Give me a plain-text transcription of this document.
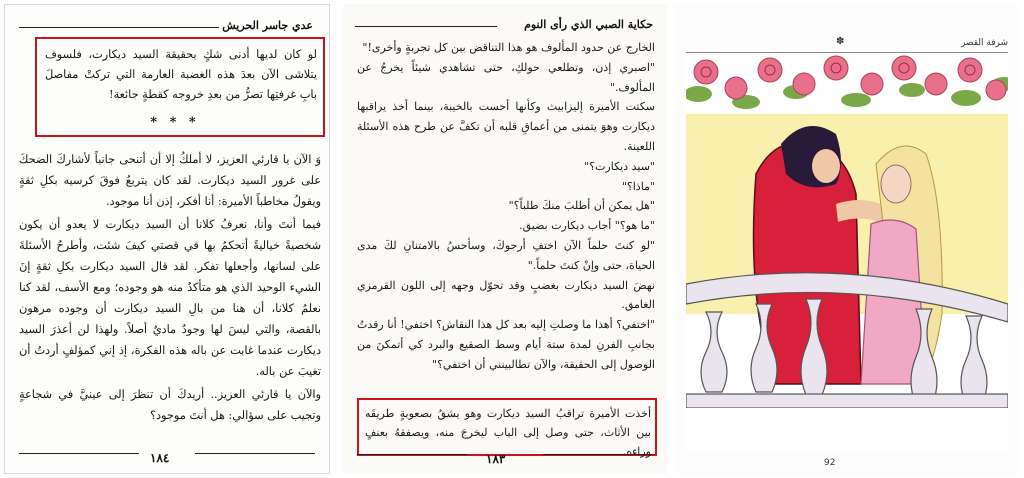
عدي جاسر الحريش
لو كان لديها أدنى شكٍ بحقيقة السيد ديكارت، فلسوف يتلاشى الآن بعدَ هذه الغضبة العارمة التي تركتْ مفاصلَ بابِ غرفتِها تصرُّ من بعدِ خروجه كقطةٍ جائعة!
* * *

وَ الآن يا قارئي العزيز، لا أملكُ إلا أن أتنحى جانباً لأشاركَ الضحكَ على غرور السيد ديكارت. لقد كان يتربعُ فوقَ كرسيه بكلِ ثقةٍ ويقولُ مخاطباً الأميرة: أنا أفكر، إذن أنا موجود.

فيما أنتَ وأنا، نعرفُ كلانا أن السيد ديكارت لا يعدو أن يكون شخصيةً خياليةً أتحكمُ بها في قصتي كيفَ شئت، وأطرحُ الأسئلةَ على لسانها، وأجعلها تفكر. لقد قال السيد ديكارت بكلِ ثقةٍ إنَ الشيء الوحيد الذي هو متأكدٌ منه هو وجوده؛ ومع الأسف، لقد كنا نعلمُ كلانا، أن هنا من بالِ السيد ديكارت أن وجوده مرهون بالقصة، والتي ليسَ لها وجودٌ ماديٌ أصلاً. ولهذا لن أعذرَ السيد ديكارت عندما غابت عن باله هذه الفكرة، إذ إني كمؤلفٍ أردتُ أن تغيبَ عن باله.

والآن يا قارئي العزيز.. أريدكَ أن تنظرَ إلى عينيَّ في شجاعةٍ وتجيب على سؤالي: هل أنتَ موجود؟

١٨٤
حكاية الصبي الذي رأى النوم

الخارج عن حدود المألوف هو هذا التناقض بين كل تجربةٍ وأخرى!"

"اصبري إذن، وتطلعي حولكِ، حتى تشاهدي شيئاً يخرجُ عن المألوف."

سكتت الأميرة إليزابيث وكأنها أحست بالخيبة، بينما أخذ يراقبها ديكارت وهوَ يتمنى من أعماقِ قلبه أن تكفَّ عن طرح هذه الأسئلة اللعينة.

"سيد ديكارت؟"

"ماذا؟"

"هل يمكن أن أطلبَ منكَ طلباً؟"

"ما هو؟" أجاب ديكارت بضيق.

"لو كنتَ حلماً الآن اختفِ أرجوكَ، وسأحسُ بالامتنانِ لكَ مدى الحياة، حتى وإنْ كنتَ حلماً."

نهضَ السيد ديكارت بغضبٍ وقد تحوّل وجهه إلى اللون القرمزي الغامق.

"اختفي؟ أهذا ما وصلتِ إليه بعد كل هذا النقاش؟ اختفي! أنا رقدتُ بجانبِ الفرنِ لمدة ستة أيام وسط الصقيع والبرد كي أتمكنَ من الوصول إلى الحقيقة، والآن تطالبينني أن اختفي؟"

أخذت الأميرة تراقبُ السيد ديكارت وهو يشقُ بصعوبةٍ طريقَه بين الأثاث، حتى وصل إلى الباب ليخرجَ منه، ويصفقهُ بعنفٍ وراءه.
١٨٣
شرفة القصر
✽
92
